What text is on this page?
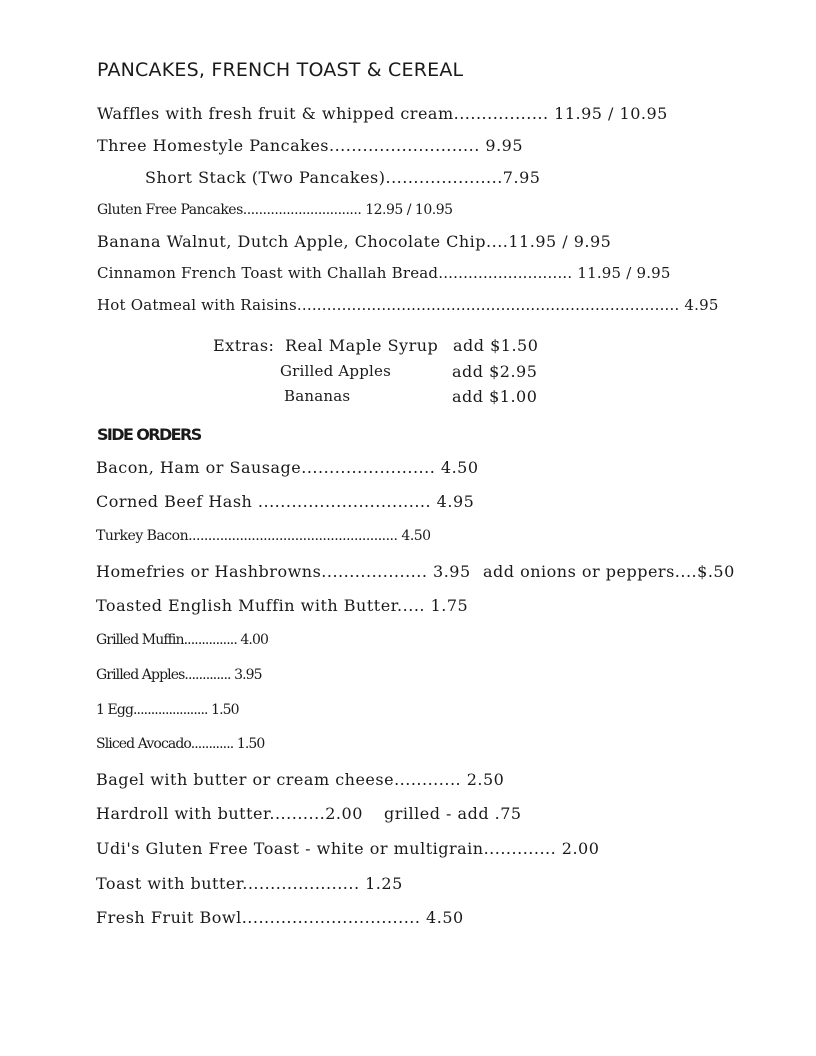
PANCAKES, FRENCH TOAST & CEREAL
Waffles with fresh fruit & whipped cream................. 11.95 / 10.95
Three Homestyle Pancakes........................... 9.95
Short Stack (Two Pancakes).....................7.95
Gluten Free Pancakes.............................. 12.95 / 10.95
Banana Walnut, Dutch Apple, Chocolate Chip....11.95 / 9.95
Cinnamon French Toast with Challah Bread........................... 11.95 / 9.95
Hot Oatmeal with Raisins............................................................................. 4.95
Extras: Real Maple Syrup add $1.50
Grilled Apples	add $2.95
Bananas	add $1.00
SIDE ORDERS
Bacon, Ham or Sausage........................ 4.50
Corned Beef Hash ............................... 4.95
Turkey Bacon..................................................... 4.50
Homefries or Hashbrowns................... 3.95 add onions or peppers....$.50
Toasted English Muffin with Butter..... 1.75
Grilled Muffin............... 4.00
Grilled Apples............. 3.95
1 Egg..................... 1.50
Sliced Avocado............ 1.50
Bagel with butter or cream cheese............ 2.50
Hardroll with butter..........2.00 grilled - add .75
Udi's Gluten Free Toast - white or multigrain............. 2.00
Toast with butter..................... 1.25
Fresh Fruit Bowl................................ 4.50
